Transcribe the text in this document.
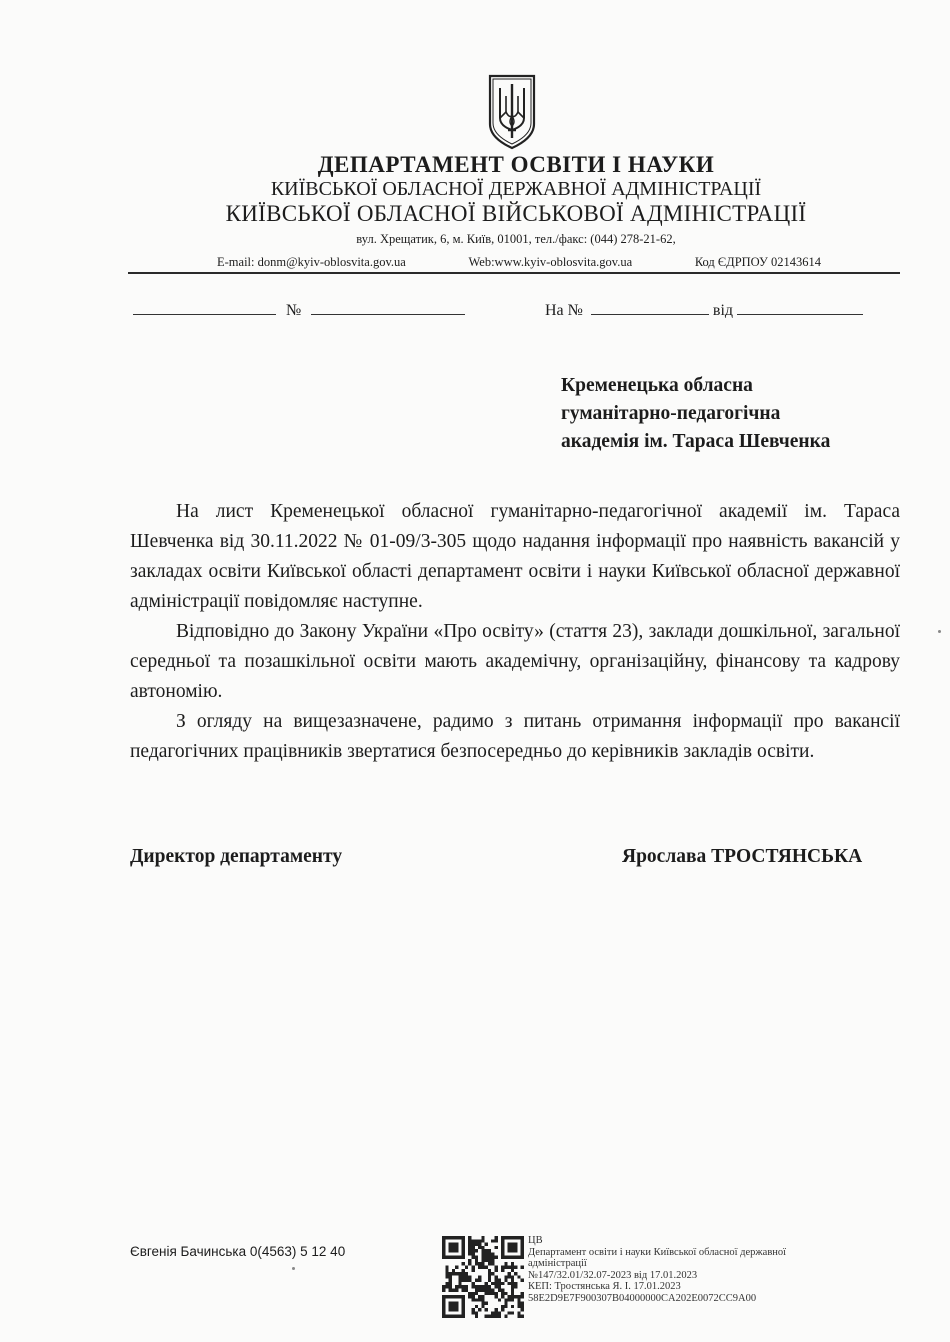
ДЕПАРТАМЕНТ ОСВІТИ І НАУКИ
КИЇВСЬКОЇ ОБЛАСНОЇ ДЕРЖАВНОЇ АДМІНІСТРАЦІЇ
КИЇВСЬКОЇ ОБЛАСНОЇ ВІЙСЬКОВОЇ АДМІНІСТРАЦІЇ
вул. Хрещатик, 6, м. Київ, 01001, тел./факс: (044) 278-21-62,
E-mail: donm@kyiv-oblosvita.gov.ua	Web:www.kyiv-oblosvita.gov.ua	Код ЄДРПОУ 02143614
№	На №	від
Кременецька обласна
гуманітарно-педагогічна
академія ім. Тараса Шевченка

На лист Кременецької обласної гуманітарно-педагогічної академії ім. Тараса Шевченка від 30.11.2022 № 01-09/3-305 щодо надання інформації про наявність вакансій у закладах освіти Київської області департамент освіти і науки Київської обласної державної адміністрації повідомляє наступне.

Відповідно до Закону України «Про освіту» (стаття 23), заклади дошкільної, загальної середньої та позашкільної освіти мають академічну, організаційну, фінансову та кадрову автономію.

З огляду на вищезазначене, радимо з питань отримання інформації про вакансії педагогічних працівників звертатися безпосередньо до керівників закладів освіти.

Директор департаменту	Ярослава ТРОСТЯНСЬКА
Євгенія Бачинська 0(4563) 5 12 40
ЦВ
Департамент освіти і науки Київської обласної державної
адміністрації
№147/32.01/32.07-2023 від 17.01.2023
КЕП: Тростянська Я. І. 17.01.2023
58E2D9E7F900307B04000000CA202E0072CC9A00
